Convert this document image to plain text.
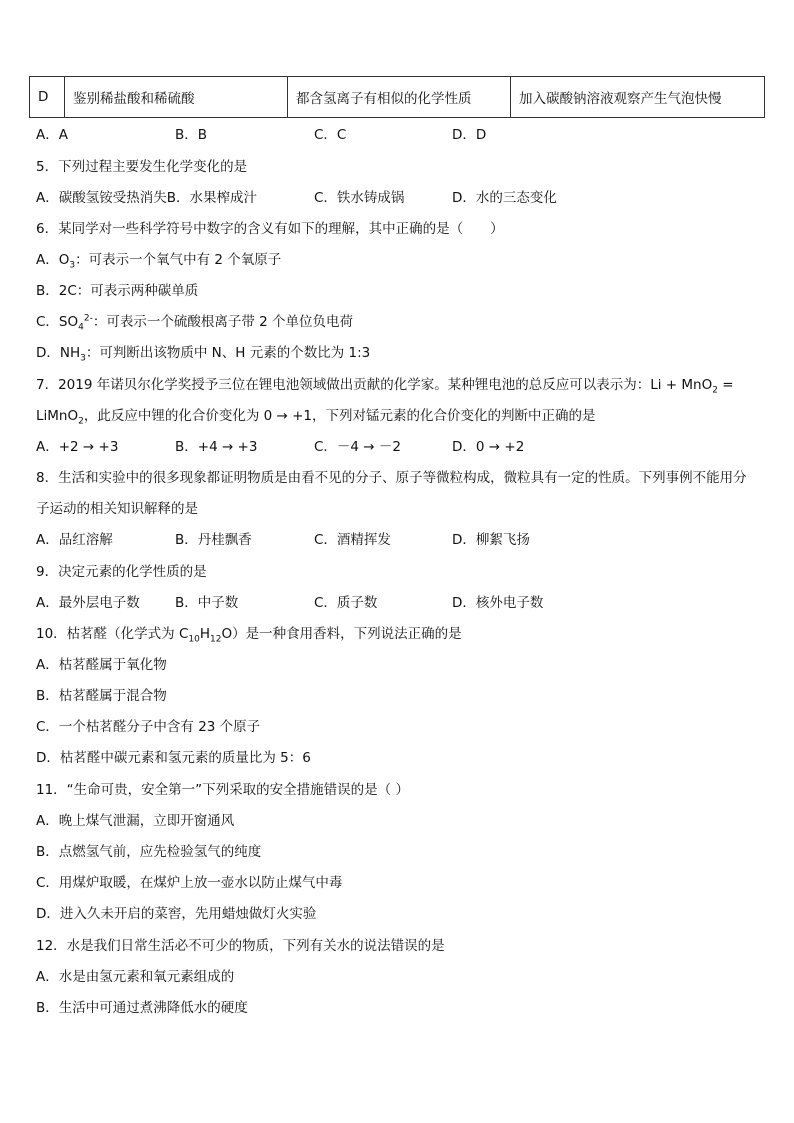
D	鉴别稀盐酸和稀硫酸	都含氢离子有相似的化学性质	加入碳酸钠溶液观察产生气泡快慢
A．A	B．B	C．C	D．D
5．下列过程主要发生化学变化的是
A．碳酸氢铵受热消失B．水果榨成汁	C．铁水铸成锅	D．水的三态变化
6．某同学对一些科学符号中数字的含义有如下的理解，其中正确的是（　　）
A．$O_3$：可表示一个氧气中有 2 个氧原子
B．2C：可表示两种碳单质
C．$SO_4^{2-}$：可表示一个硫酸根离子带 2 个单位负电荷
D．$NH_3$：可判断出该物质中 N、H 元素的个数比为 1:3
7．2019 年诺贝尔化学奖授予三位在锂电池领域做出贡献的化学家。某种锂电池的总反应可以表示为：Li + MnO$_2$ =
LiMnO$_2$，此反应中锂的化合价变化为 0 → +1，下列对锰元素的化合价变化的判断中正确的是
A．+2 → +3	B．+4 → +3	C．－4 → －2	D．0 → +2
8．生活和实验中的很多现象都证明物质是由看不见的分子、原子等微粒构成，微粒具有一定的性质。下列事例不能用分
子运动的相关知识解释的是
A．品红溶解	B．丹桂飘香	C．酒精挥发	D．柳絮飞扬
9．决定元素的化学性质的是
A．最外层电子数	B．中子数	C．质子数	D．核外电子数
10．枯茗醛（化学式为 $C_{10}H_{12}O$）是一种食用香料，下列说法正确的是
A．枯茗醛属于氧化物
B．枯茗醛属于混合物
C．一个枯茗醛分子中含有 23 个原子
D．枯茗醛中碳元素和氢元素的质量比为 5：6
11．“生命可贵，安全第一”下列采取的安全措施错误的是（ ）
A．晚上煤气泄漏，立即开窗通风
B．点燃氢气前，应先检验氢气的纯度
C．用煤炉取暖，在煤炉上放一壶水以防止煤气中毒
D．进入久未开启的菜窖，先用蜡烛做灯火实验
12．水是我们日常生活必不可少的物质，下列有关水的说法错误的是
A．水是由氢元素和氧元素组成的
B．生活中可通过煮沸降低水的硬度
